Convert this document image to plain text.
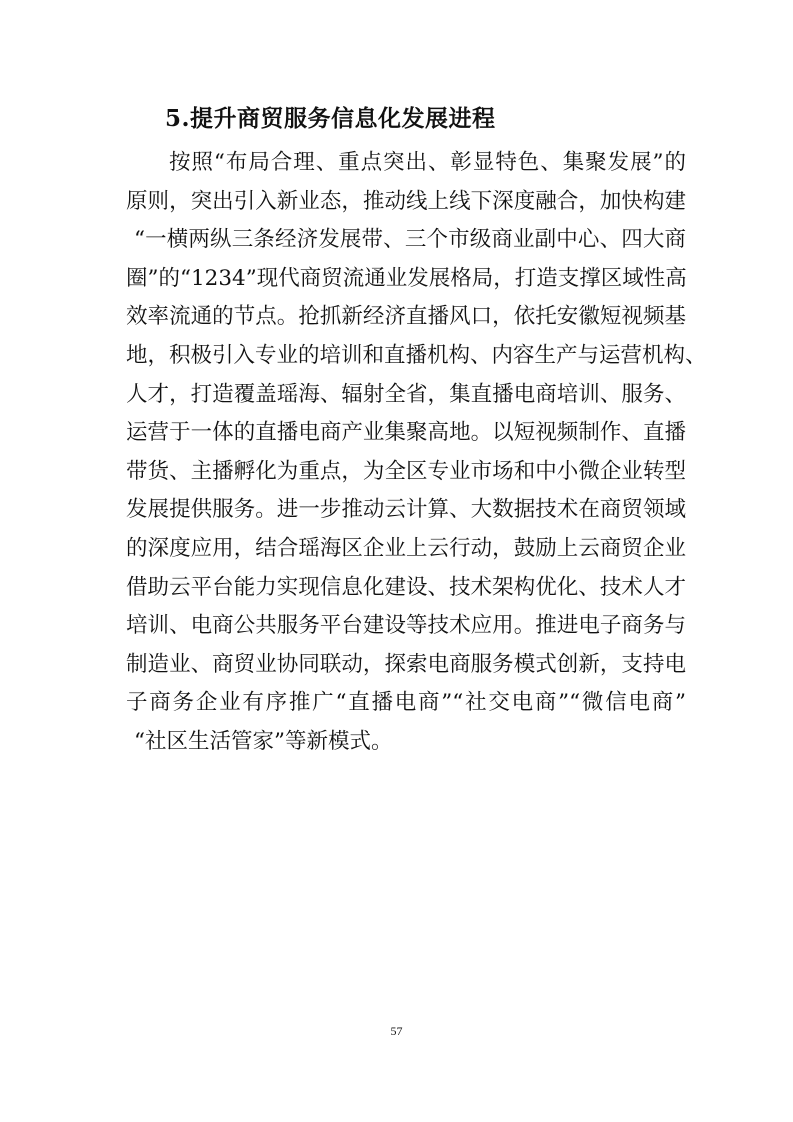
5.提升商贸服务信息化发展进程
按照“布局合理、重点突出、彰显特色、集聚发展”的
原则，突出引入新业态，推动线上线下深度融合，加快构建
“一横两纵三条经济发展带、三个市级商业副中心、四大商
圈”的“1234”现代商贸流通业发展格局，打造支撑区域性高
效率流通的节点。抢抓新经济直播风口，依托安徽短视频基
地，积极引入专业的培训和直播机构、内容生产与运营机构、
人才，打造覆盖瑶海、辐射全省，集直播电商培训、服务、
运营于一体的直播电商产业集聚高地。以短视频制作、直播
带货、主播孵化为重点，为全区专业市场和中小微企业转型
发展提供服务。进一步推动云计算、大数据技术在商贸领域
的深度应用，结合瑶海区企业上云行动，鼓励上云商贸企业
借助云平台能力实现信息化建设、技术架构优化、技术人才
培训、电商公共服务平台建设等技术应用。推进电子商务与
制造业、商贸业协同联动，探索电商服务模式创新，支持电
子商务企业有序推广“直播电商”“社交电商”“微信电商”
“社区生活管家”等新模式。
57
